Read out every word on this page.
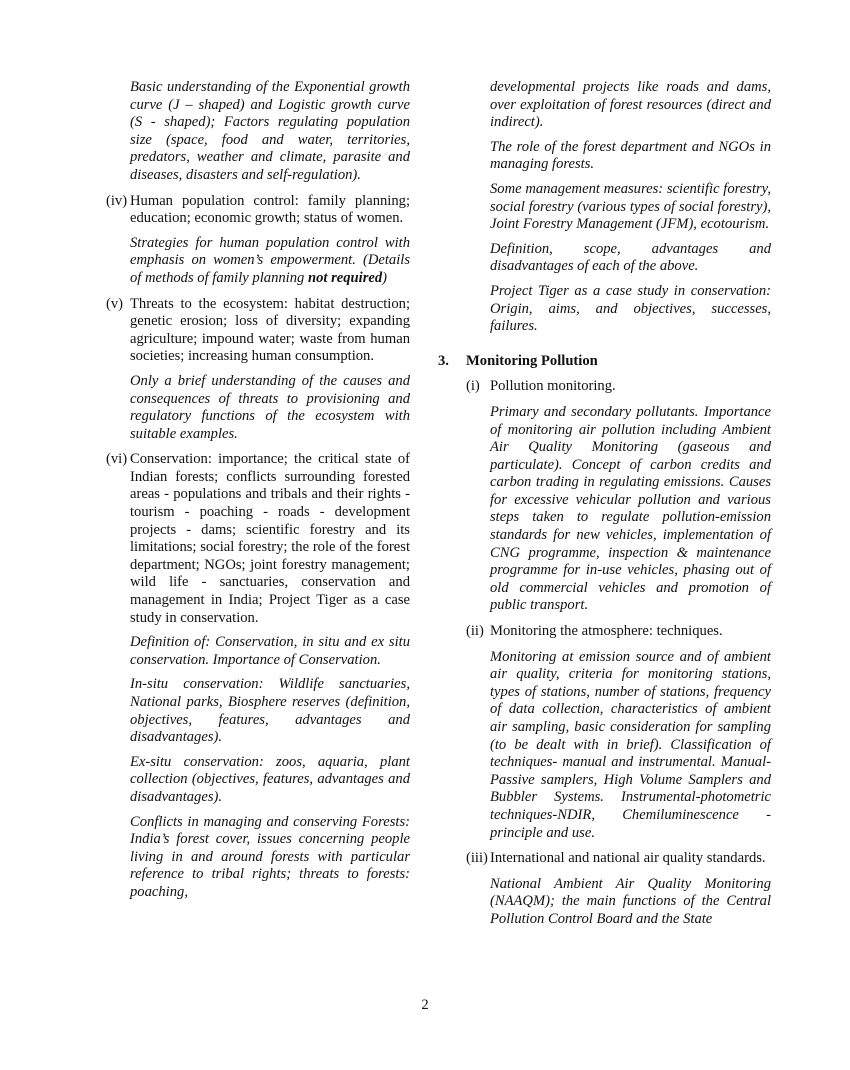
Basic understanding of the Exponential growth curve (J – shaped) and Logistic growth curve (S - shaped); Factors regulating population size (space, food and water, territories, predators, weather and climate, parasite and diseases, disasters and self-regulation).

(iv) Human population control: family planning; education; economic growth; status of women.

Strategies for human population control with emphasis on women’s empowerment. (Details of methods of family planning not required)

(v) Threats to the ecosystem: habitat destruction; genetic erosion; loss of diversity; expanding agriculture; impound water; waste from human societies; increasing human consumption.

Only a brief understanding of the causes and consequences of threats to provisioning and regulatory functions of the ecosystem with suitable examples.

(vi) Conservation: importance; the critical state of Indian forests; conflicts surrounding forested areas - populations and tribals and their rights - tourism - poaching - roads - development projects - dams; scientific forestry and its limitations; social forestry; the role of the forest department; NGOs; joint forestry management; wild life - sanctuaries, conservation and management in India; Project Tiger as a case study in conservation.

Definition of: Conservation, in situ and ex situ conservation. Importance of Conservation.

In-situ conservation: Wildlife sanctuaries, National parks, Biosphere reserves (definition, objectives, features, advantages and disadvantages).

Ex-situ conservation: zoos, aquaria, plant collection (objectives, features, advantages and disadvantages).

Conflicts in managing and conserving Forests: India’s forest cover, issues concerning people living in and around forests with particular reference to tribal rights; threats to forests: poaching,

developmental projects like roads and dams, over exploitation of forest resources (direct and indirect).

The role of the forest department and NGOs in managing forests.

Some management measures: scientific forestry, social forestry (various types of social forestry), Joint Forestry Management (JFM), ecotourism.

Definition, scope, advantages and disadvantages of each of the above.

Project Tiger as a case study in conservation: Origin, aims, and objectives, successes, failures.

3.	Monitoring Pollution
(i) Pollution monitoring.

Primary and secondary pollutants. Importance of monitoring air pollution including Ambient Air Quality Monitoring (gaseous and particulate). Concept of carbon credits and carbon trading in regulating emissions. Causes for excessive vehicular pollution and various steps taken to regulate pollution-emission standards for new vehicles, implementation of CNG programme, inspection & maintenance programme for in-use vehicles, phasing out of old commercial vehicles and promotion of public transport.

(ii) Monitoring the atmosphere: techniques.

Monitoring at emission source and of ambient air quality, criteria for monitoring stations, types of stations, number of stations, frequency of data collection, characteristics of ambient air sampling, basic consideration for sampling (to be dealt with in brief). Classification of techniques- manual and instrumental. Manual-Passive samplers, High Volume Samplers and Bubbler Systems. Instrumental-photometric techniques-NDIR, Chemiluminescence - principle and use.

(iii) International and national air quality standards.

National Ambient Air Quality Monitoring (NAAQM); the main functions of the Central Pollution Control Board and the State

2
